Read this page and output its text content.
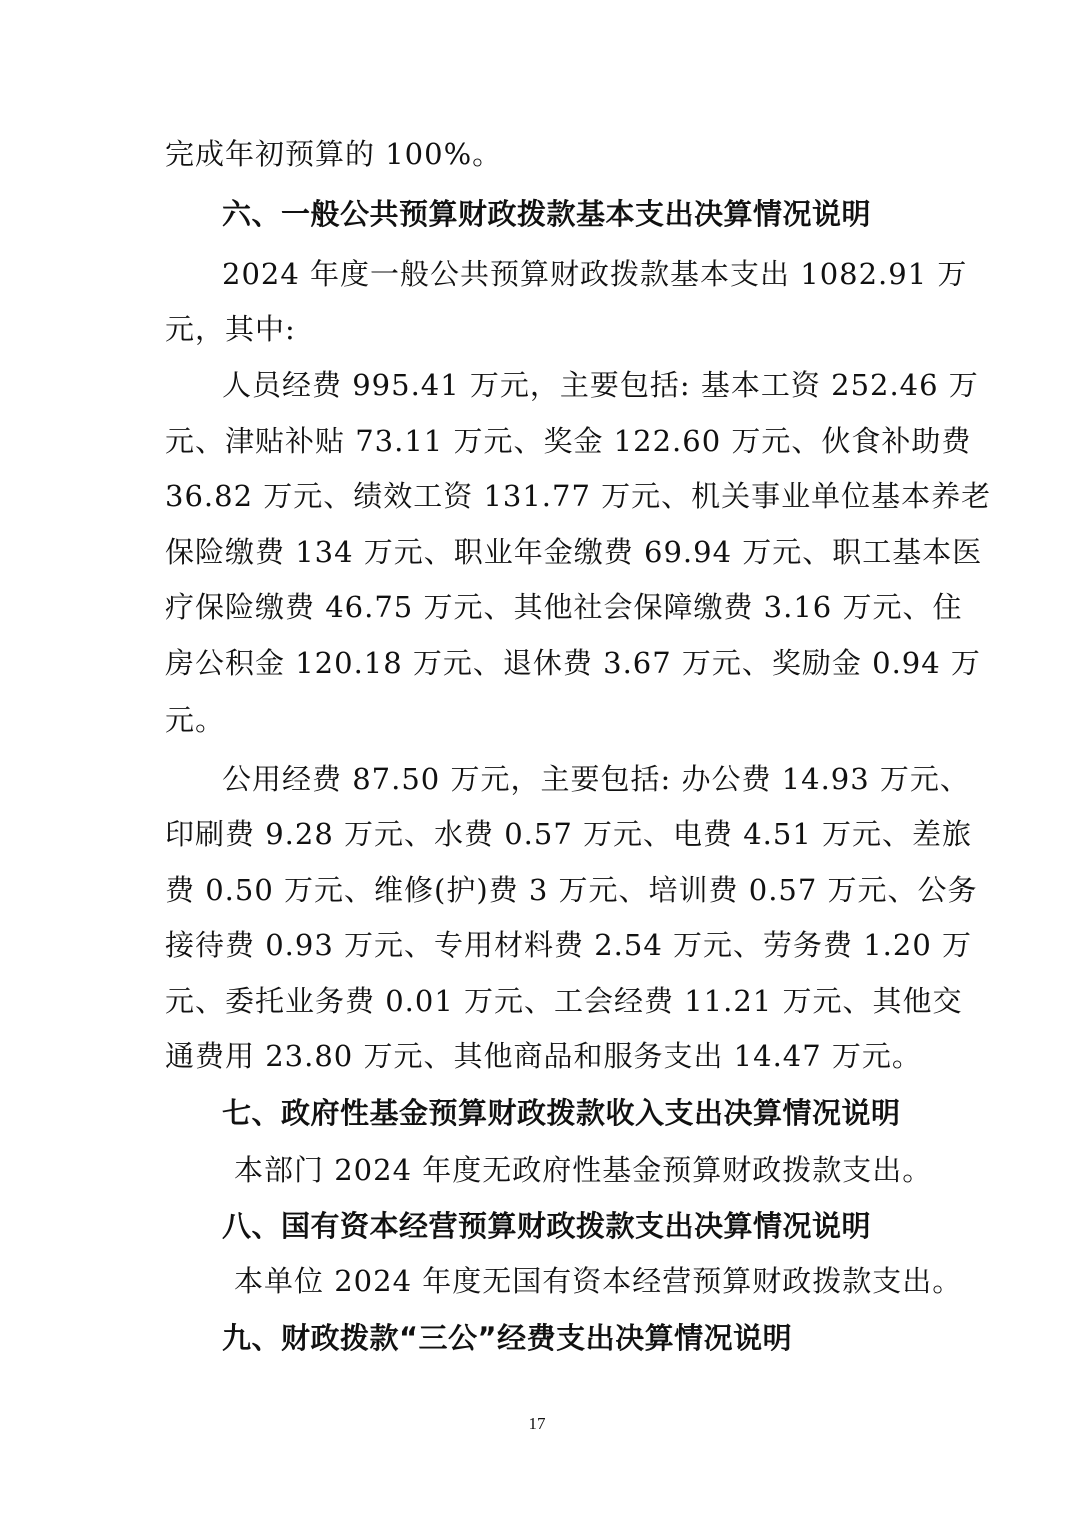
完成年初预算的 100%。
六、一般公共预算财政拨款基本支出决算情况说明
2024 年度一般公共预算财政拨款基本支出 1082.91 万
元，其中:
人员经费 995.41 万元，主要包括: 基本工资 252.46 万
元、津贴补贴 73.11 万元、奖金 122.60 万元、伙食补助费
36.82 万元、绩效工资 131.77 万元、机关事业单位基本养老
保险缴费 134 万元、职业年金缴费 69.94 万元、职工基本医
疗保险缴费 46.75 万元、其他社会保障缴费 3.16 万元、住
房公积金 120.18 万元、退休费 3.67 万元、奖励金 0.94 万
元。
公用经费 87.50 万元，主要包括: 办公费 14.93 万元、
印刷费 9.28 万元、水费 0.57 万元、电费 4.51 万元、差旅
费 0.50 万元、维修(护)费 3 万元、培训费 0.57 万元、公务
接待费 0.93 万元、专用材料费 2.54 万元、劳务费 1.20 万
元、委托业务费 0.01 万元、工会经费 11.21 万元、其他交
通费用 23.80 万元、其他商品和服务支出 14.47 万元。
七、政府性基金预算财政拨款收入支出决算情况说明
本部门 2024 年度无政府性基金预算财政拨款支出。
八、国有资本经营预算财政拨款支出决算情况说明
本单位 2024 年度无国有资本经营预算财政拨款支出。
九、财政拨款“三公”经费支出决算情况说明
17
